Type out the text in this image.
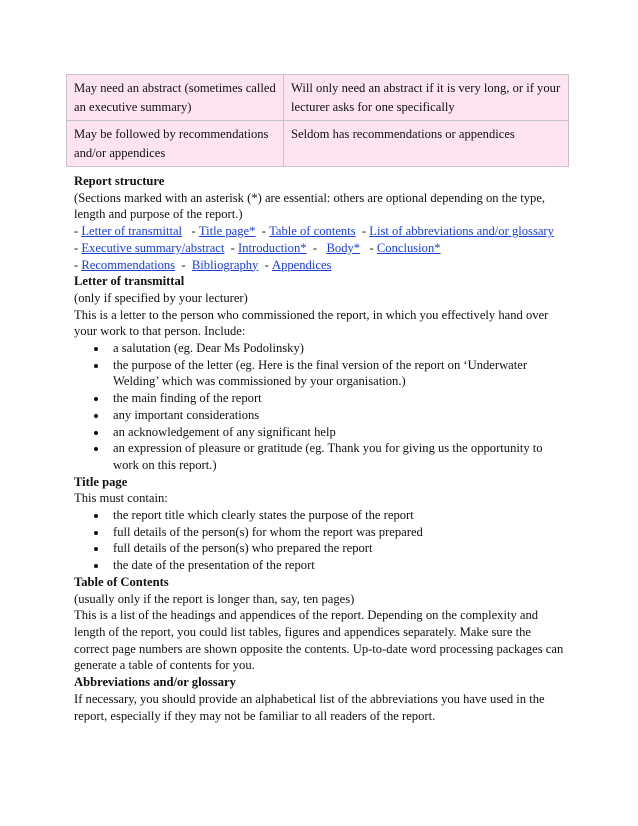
May need an abstract (sometimes called an executive summary)	Will only need an abstract if it is very long, or if your lecturer asks for one specifically
May be followed by recommendations and/or appendices	Seldom has recommendations or appendices

Report structure

(Sections marked with an asterisk (*) are essential: others are optional depending on the type, length and purpose of the report.)

- Letter of transmittal   - Title page*  - Table of contents  - List of abbreviations and/or glossary

- Executive summary/abstract  - Introduction*  -   Body*   - Conclusion*

- Recommendations  -  Bibliography  - Appendices

Letter of transmittal

(only if specified by your lecturer)

This is a letter to the person who commissioned the report, in which you effectively hand over your work to that person. Include:

a salutation (eg. Dear Ms Podolinsky)
the purpose of the letter (eg. Here is the final version of the report on ‘Underwater Welding’ which was commissioned by your organisation.)
the main finding of the report
any important considerations
an acknowledgement of any significant help
an expression of pleasure or gratitude (eg. Thank you for giving us the opportunity to work on this report.)

Title page

This must contain:

the report title which clearly states the purpose of the report
full details of the person(s) for whom the report was prepared
full details of the person(s) who prepared the report
the date of the presentation of the report

Table of Contents

(usually only if the report is longer than, say, ten pages)

This is a list of the headings and appendices of the report. Depending on the complexity and length of the report, you could list tables, figures and appendices separately. Make sure the correct page numbers are shown opposite the contents. Up-to-date word processing packages can generate a table of contents for you.

Abbreviations and/or glossary

If necessary, you should provide an alphabetical list of the abbreviations you have used in the report, especially if they may not be familiar to all readers of the report.
